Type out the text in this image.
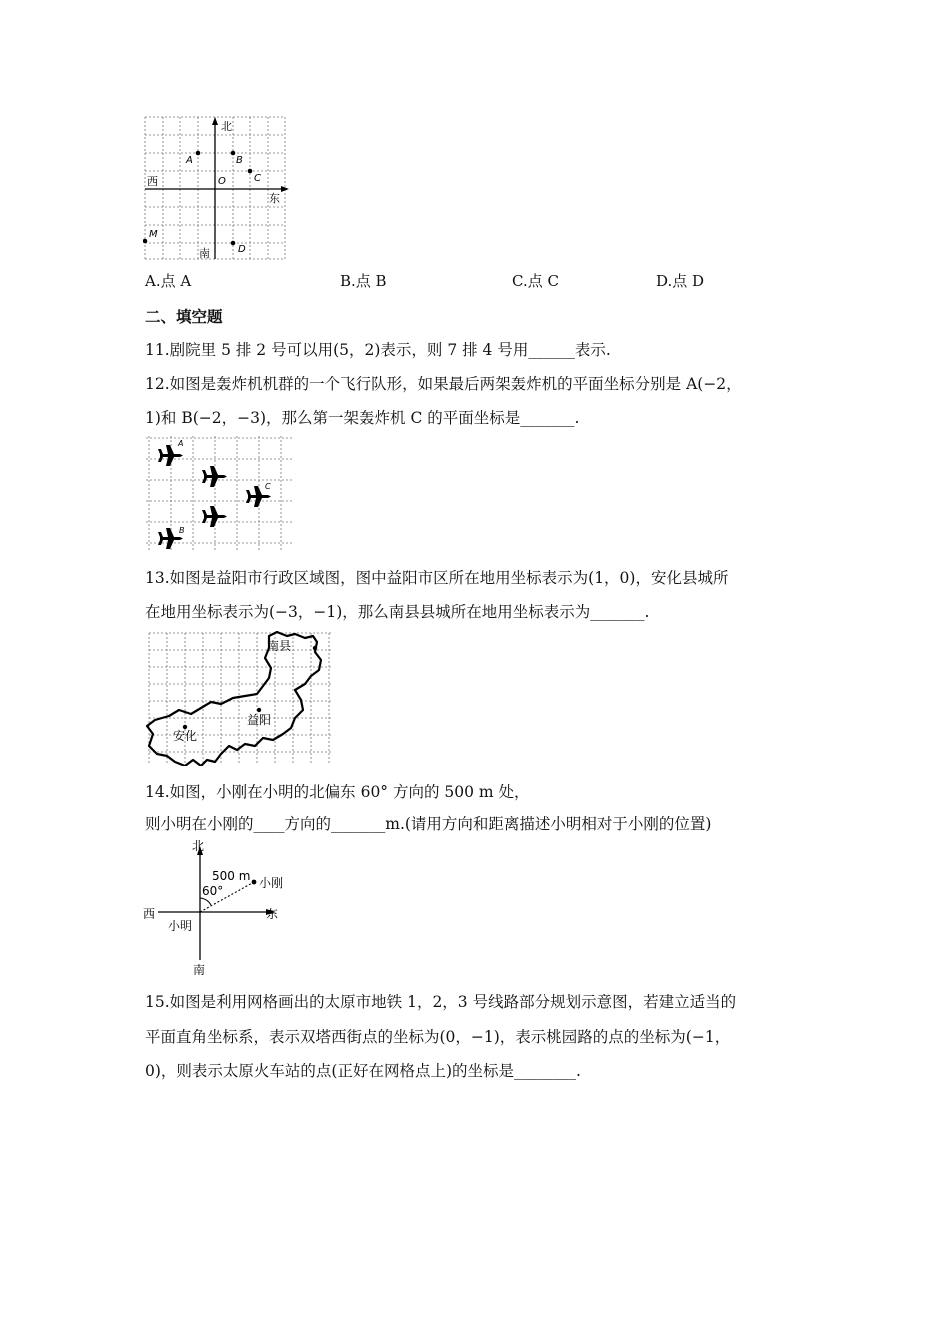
北
南
东
西	O
A	B
C
D
M
A.点 A	B.点 B	C.点 C	D.点 D
二、填空题
11.剧院里 5 排 2 号可以用(5，2)表示，则 7 排 4 号用______表示.
12.如图是轰炸机机群的一个飞行队形，如果最后两架轰炸机的平面坐标分别是 A(−2，
1)和 B(−2，−3)，那么第一架轰炸机 C 的平面坐标是_______.
A
B
C
13.如图是益阳市行政区域图，图中益阳市区所在地用坐标表示为(1，0)，安化县城所
在地用坐标表示为(−3，−1)，那么南县县城所在地用坐标表示为_______.
南县
益阳
安化
14.如图，小刚在小明的北偏东 60° 方向的 500 m 处，
则小明在小刚的____方向的_______m.(请用方向和距离描述小明相对于小刚的位置)
北
南
东
西
500 m
60°
小刚
小明
15.如图是利用网格画出的太原市地铁 1，2，3 号线路部分规划示意图，若建立适当的
平面直角坐标系，表示双塔西街点的坐标为(0，−1)，表示桃园路的点的坐标为(−1，
0)，则表示太原火车站的点(正好在网格点上)的坐标是________.
